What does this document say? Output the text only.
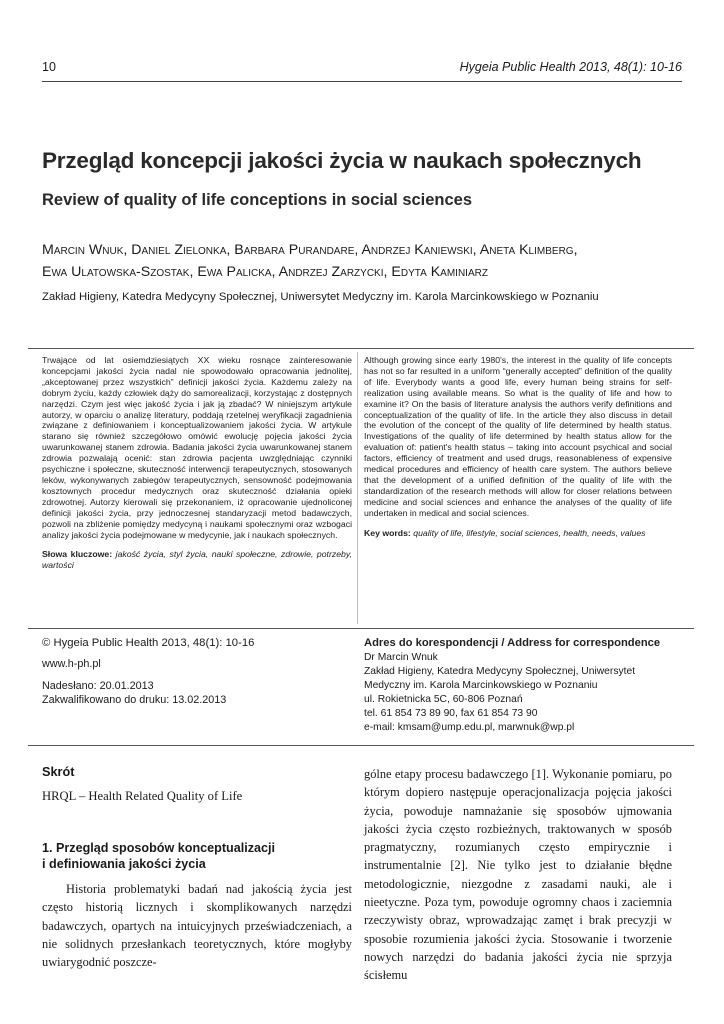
10	Hygeia Public Health 2013, 48(1): 10-16
Przegląd koncepcji jakości życia w naukach społecznych
Review of quality of life conceptions in social sciences
Marcin Wnuk, Daniel Zielonka, Barbara Purandare, Andrzej Kaniewski, Aneta Klimberg,
Ewa Ulatowska-Szostak, Ewa Palicka, Andrzej Zarzycki, Edyta Kaminiarz
Zakład Higieny, Katedra Medycyny Społecznej, Uniwersytet Medyczny im. Karola Marcinkowskiego w Poznaniu

Trwające od lat osiemdziesiątych XX wieku rosnące zainteresowanie koncepcjami jakości życia nadal nie spowodowało opracowania jednolitej, „akceptowanej przez wszystkich” definicji jakości życia. Każdemu zależy na dobrym życiu, każdy człowiek dąży do samorealizacji, korzystając z dostępnych narzędzi. Czym jest więc jakość życia i jak ją zbadać? W niniejszym artykule autorzy, w oparciu o analizę literatury, poddają rzetelnej weryfikacji zagadnienia związane z definiowaniem i konceptualizowaniem jakości życia. W artykule starano się również szczegółowo omówić ewolucję pojęcia jakości życia uwarunkowanej stanem zdrowia. Badania jakości życia uwarunkowanej stanem zdrowia pozwalają ocenić: stan zdrowia pacjenta uwzględniając czynniki psychiczne i społeczne, skuteczność interwencji terapeutycznych, stosowanych leków, wykonywanych zabiegów terapeutycznych, sensowność podejmowania kosztownych procedur medycznych oraz skuteczność działania opieki zdrowotnej. Autorzy kierowali się przekonaniem, iż opracowanie ujednoliconej definicji jakości życia, przy jednoczesnej standaryzacji metod badawczych, pozwoli na zbliżenie pomiędzy medycyną i naukami społecznymi oraz wzbogaci analizy jakości życia podejmowane w medycynie, jak i naukach społecznych.

Słowa kluczowe: jakość życia, styl życia, nauki społeczne, zdrowie, potrzeby, wartości

Although growing since early 1980's, the interest in the quality of life concepts has not so far resulted in a uniform “generally accepted” definition of the quality of life. Everybody wants a good life, every human being strains for self-realization using available means. So what is the quality of life and how to examine it? On the basis of literature analysis the authors verify definitions and conceptualization of the quality of life. In the article they also discuss in detail the evolution of the concept of the quality of life determined by health status. Investigations of the quality of life determined by health status allow for the evaluation of: patient's health status – taking into account psychical and social factors, efficiency of treatment and used drugs, reasonableness of expensive medical procedures and efficiency of health care system. The authors believe that the development of a unified definition of the quality of life with the standardization of the research methods will allow for closer relations between medicine and social sciences and enhance the analyses of the quality of life undertaken in medical and social sciences.

Key words: quality of life, lifestyle, social sciences, health, needs, values

© Hygeia Public Health 2013, 48(1): 10-16
www.h-ph.pl
Nadesłano: 20.01.2013
Zakwalifikowano do druku: 13.02.2013
Adres do korespondencji / Address for correspondence
Dr Marcin Wnuk
Zakład Higieny, Katedra Medycyny Społecznej, Uniwersytet
Medyczny im. Karola Marcinkowskiego w Poznaniu
ul. Rokietnicka 5C, 60-806 Poznań
tel. 61 854 73 89 90, fax 61 854 73 90
e-mail: kmsam@ump.edu.pl, marwnuk@wp.pl
Skrót
HRQL – Health Related Quality of Life
1. Przegląd sposobów konceptualizacji
i definiowania jakości życia

Historia problematyki badań nad jakością życia jest często historią licznych i skomplikowanych narzędzi badawczych, opartych na intuicyjnych przeświadczeniach, a nie solidnych przesłankach teoretycznych, które mogłyby uwiarygodnić poszcze-

gólne etapy procesu badawczego [1]. Wykonanie pomiaru, po którym dopiero następuje operacjonalizacja pojęcia jakości życia, powoduje namnażanie się sposobów ujmowania jakości życia często rozbieżnych, traktowanych w sposób pragmatyczny, rozumianych często empirycznie i instrumentalnie [2]. Nie tylko jest to działanie błędne metodologicznie, niezgodne z zasadami nauki, ale i nieetyczne. Poza tym, powoduje ogromny chaos i zaciemnia rzeczywisty obraz, wprowadzając zamęt i brak precyzji w sposobie rozumienia jakości życia. Stosowanie i tworzenie nowych narzędzi do badania jakości życia nie sprzyja ścisłemu
